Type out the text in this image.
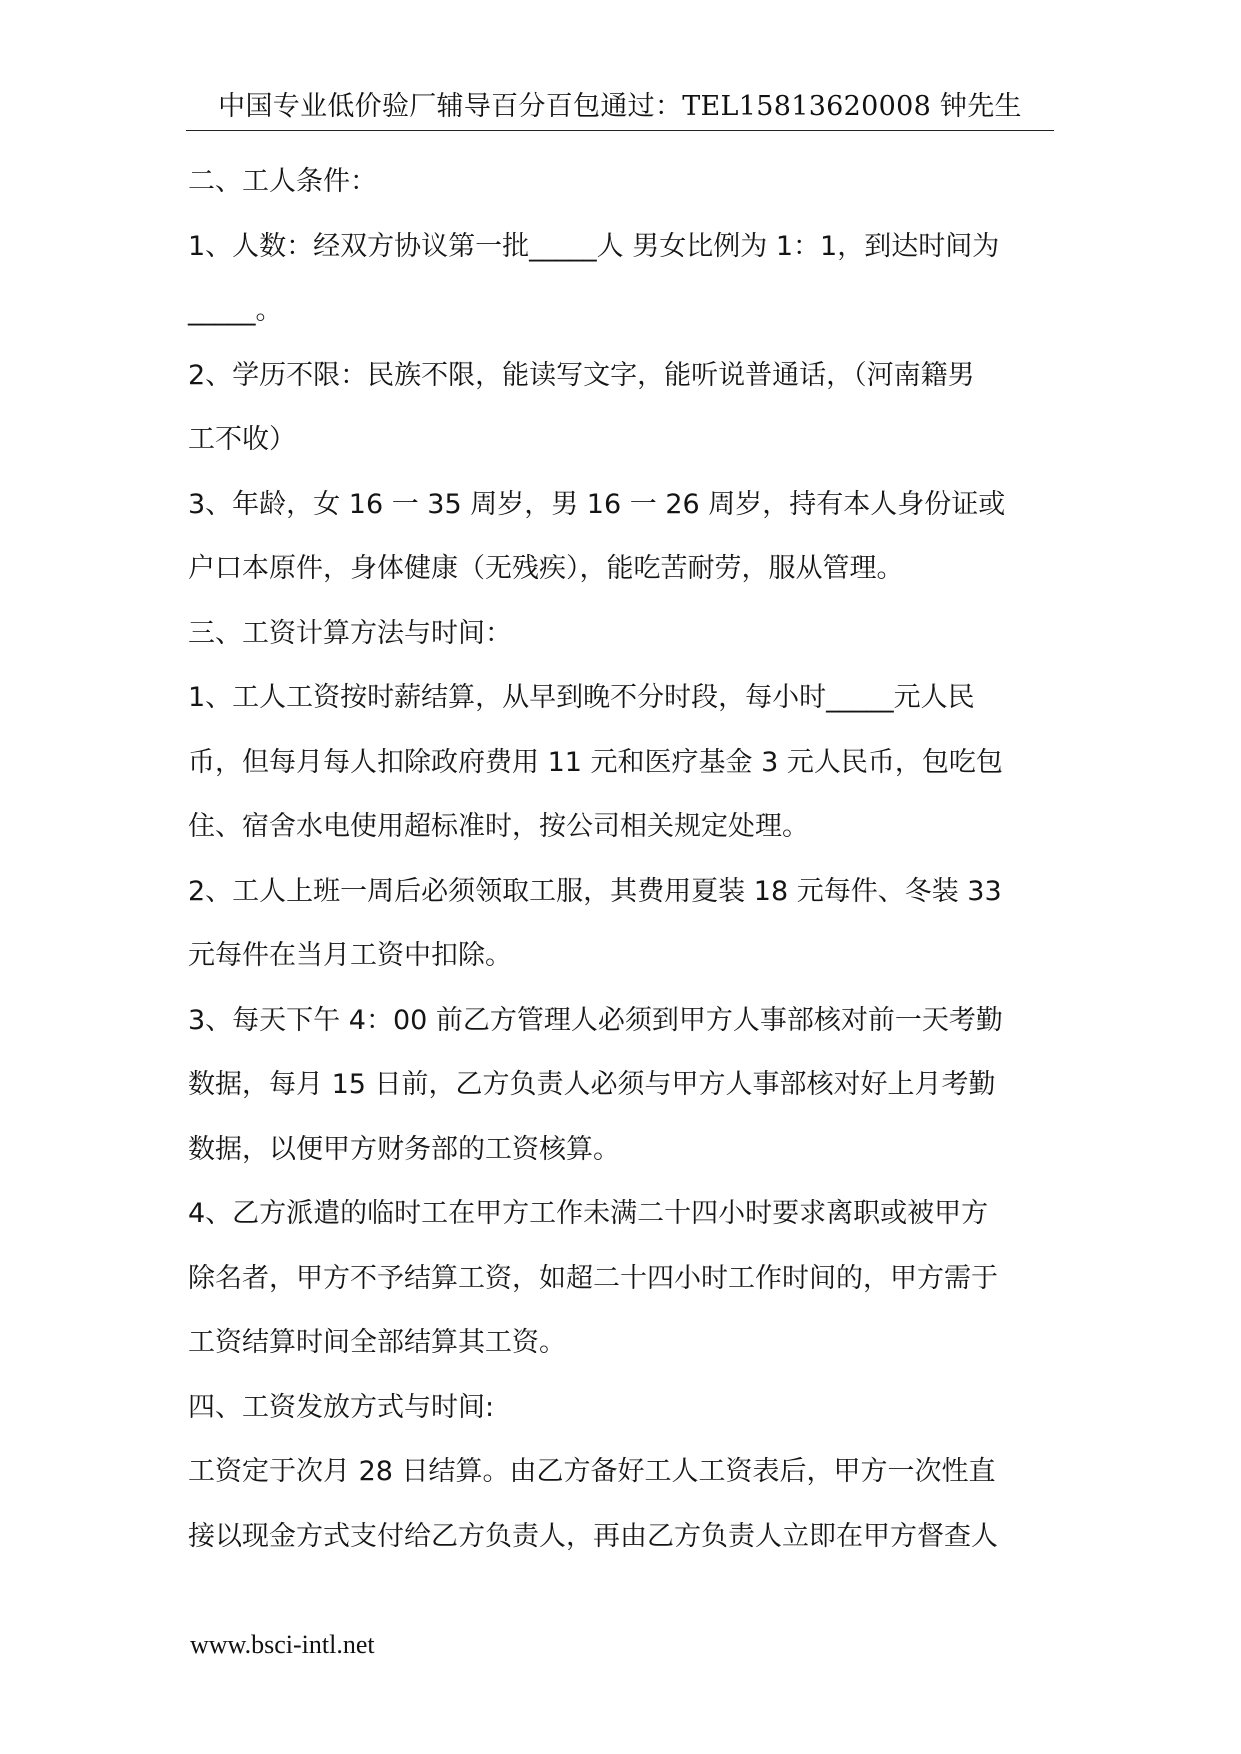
中国专业低价验厂辅导百分百包通过：TEL15813620008 钟先生
二、工人条件：
1、人数：经双方协议第一批_____人 男女比例为 1：1，到达时间为
_____。
2、学历不限：民族不限，能读写文字，能听说普通话，（河南籍男
工不收）
3、年龄，女 16 一 35 周岁，男 16 一 26 周岁，持有本人身份证或
户口本原件，身体健康（无残疾），能吃苦耐劳，服从管理。
三、工资计算方法与时间：
1、工人工资按时薪结算，从早到晚不分时段，每小时_____元人民
币，但每月每人扣除政府费用 11 元和医疗基金 3 元人民币，包吃包
住、宿舍水电使用超标准时，按公司相关规定处理。
2、工人上班一周后必须领取工服，其费用夏装 18 元每件、冬装 33
元每件在当月工资中扣除。
3、每天下午 4：00 前乙方管理人必须到甲方人事部核对前一天考勤
数据，每月 15 日前，乙方负责人必须与甲方人事部核对好上月考勤
数据，以便甲方财务部的工资核算。
4、乙方派遣的临时工在甲方工作未满二十四小时要求离职或被甲方
除名者，甲方不予结算工资，如超二十四小时工作时间的，甲方需于
工资结算时间全部结算其工资。
四、工资发放方式与时间:
工资定于次月 28 日结算。由乙方备好工人工资表后，甲方一次性直
接以现金方式支付给乙方负责人，再由乙方负责人立即在甲方督查人
www.bsci-intl.net
